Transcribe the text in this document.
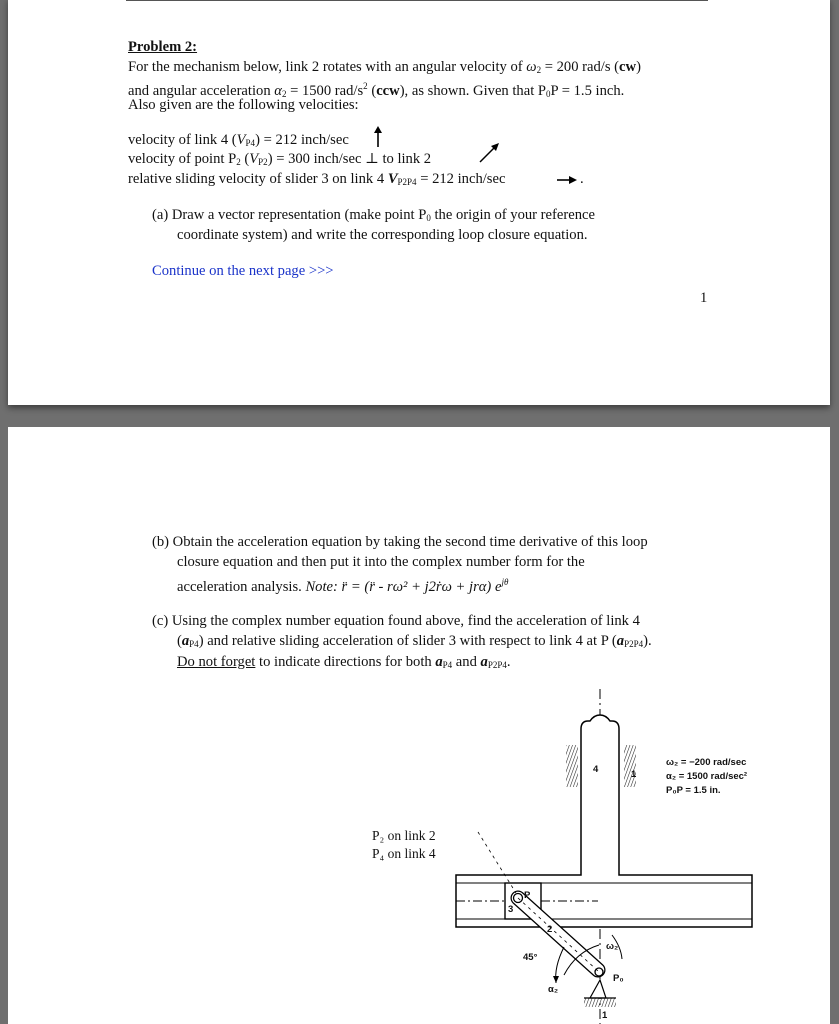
Problem 2:
For the mechanism below, link 2 rotates with an angular velocity of $\omega_2 = 200$ rad/s (cw)
and angular acceleration $\alpha_2 = 1500$ rad/$s^2$ (ccw), as shown. Given that $P_0P = 1.5$ inch.
Also given are the following velocities:
velocity of link 4 $(V_{P4}) = 212$ inch/sec
velocity of point $P_2$ $(V_{P2}) = 300$ inch/sec ⊥ to link 2
relative sliding velocity of slider 3 on link 4 $V_{P2P4} = 212$ inch/sec	.
(a) Draw a vector representation (make point $P_0$ the origin of your reference
coordinate system) and write the corresponding loop closure equation.
Continue on the next page >>>
1
(b) Obtain the acceleration equation by taking the second time derivative of this loop
closure equation and then put it into the complex number form for the
acceleration analysis. Note: r̈ = (r̈ - rω² + j2ṙω + jrα) $e^{j\theta}$
(c) Using the complex number equation found above, find the acceleration of link 4
$(a_{P4})$ and relative sliding acceleration of slider 3 with respect to link 4 at P $(a_{P2P4})$.
Do not forget to indicate directions for both $a_{P4}$ and $a_{P2P4}$.
P₂ on link 2
P₄ on link 4
ω₂ = −200 rad/sec
α₂ = 1500 rad/sec²
P₀P = 1.5 in.
4	1
3
P
2
ω₂
45°
P₀
α₂
1
